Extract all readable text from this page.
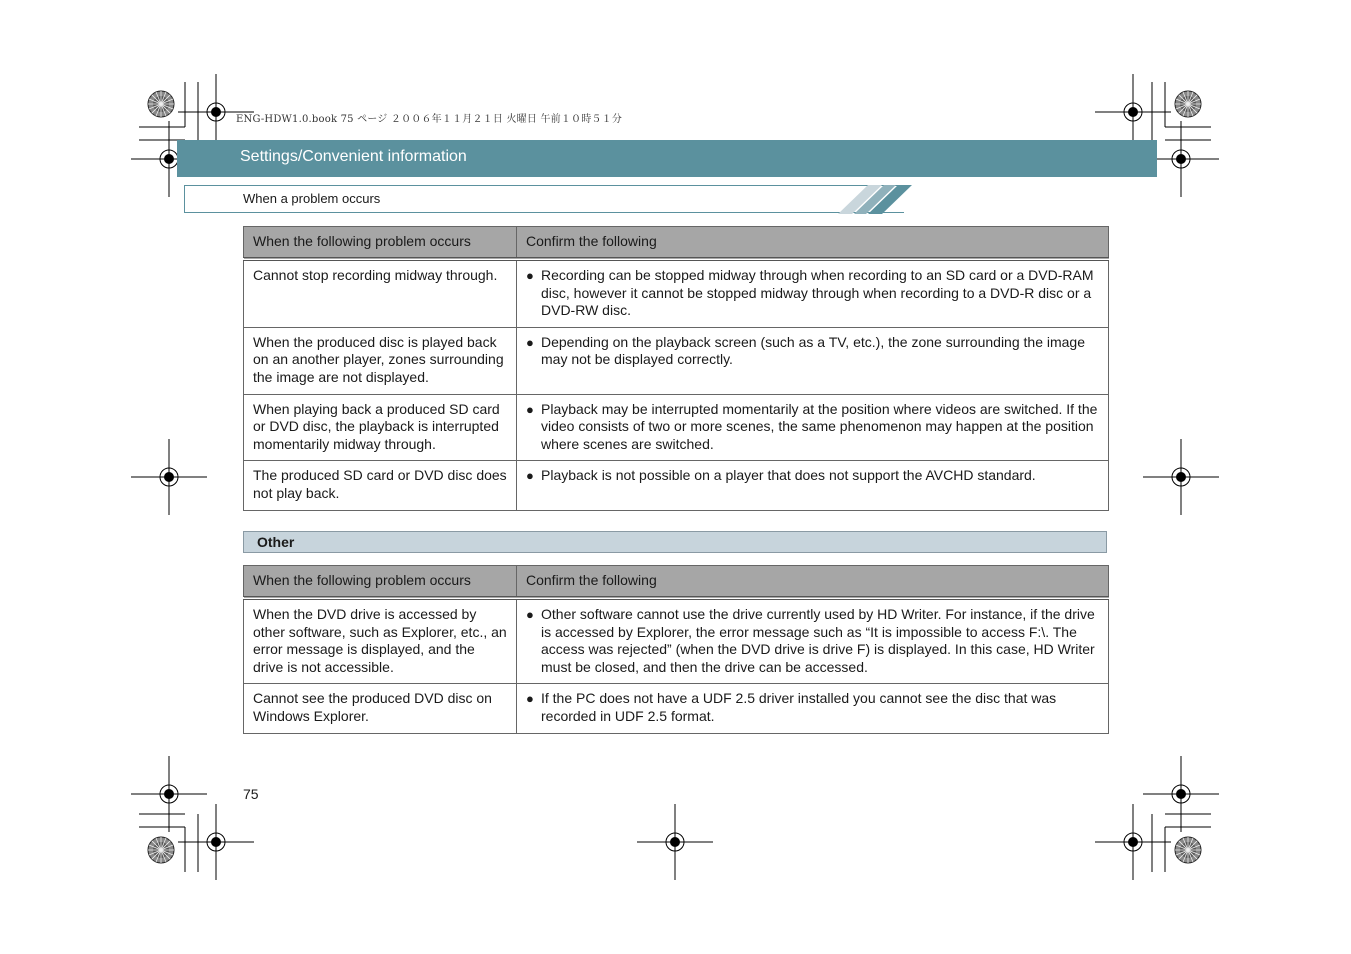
ENG-HDW1.0.book 75 ページ ２００６年１１月２１日 火曜日 午前１０時５１分
Settings/Convenient information
When a problem occurs
When the following problem occurs	Confirm the following
Cannot stop recording midway through.	● Recording can be stopped midway through when recording to an SD card or a DVD-RAM disc, however it cannot be stopped midway through when recording to a DVD-R disc or a DVD-RW disc.

When the produced disc is played back on an another player, zones surrounding the image are not displayed.	● Depending on the playback screen (such as a TV, etc.), the zone surrounding the image may not be displayed correctly.

When playing back a produced SD card or DVD disc, the playback is interrupted momentarily midway through.	● Playback may be interrupted momentarily at the position where videos are switched. If the video consists of two or more scenes, the same phenomenon may happen at the position where scenes are switched.

The produced SD card or DVD disc does not play back.	● Playback is not possible on a player that does not support the AVCHD standard.
Other
When the following problem occurs	Confirm the following
When the DVD drive is accessed by other software, such as Explorer, etc., an error message is displayed, and the drive is not accessible.	● Other software cannot use the drive currently used by HD Writer. For instance, if the drive is accessed by Explorer, the error message such as “It is impossible to access F:\. The access was rejected” (when the DVD drive is drive F) is displayed. In this case, HD Writer must be closed, and then the drive can be accessed.

Cannot see the produced DVD disc on Windows Explorer.	● If the PC does not have a UDF 2.5 driver installed you cannot see the disc that was recorded in UDF 2.5 format.
75
